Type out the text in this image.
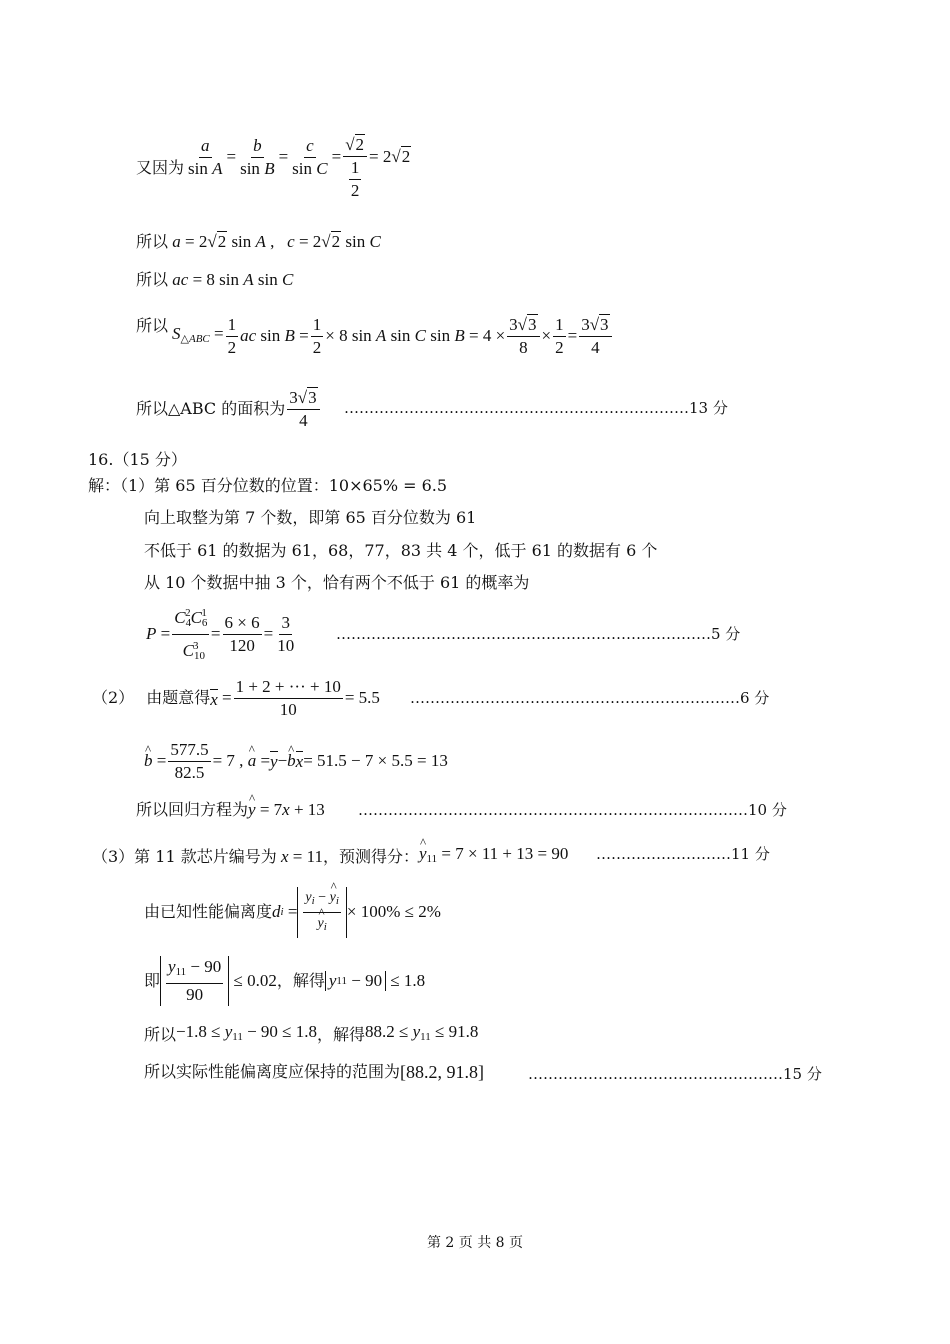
又因为 $\frac{a}{\text{sin A}} = \frac{b}{\text{sin B}} = \frac{c}{\text{sin C}} = \frac{√2}{\frac{1}{2}} = 2√2$
所以 a = 2√2 sin A ,   c = 2√2 sin C
所以 ac = 8 sin A sin C
所以 $S_{\triangle ABC} = \frac{1}{2}$ ac $\sin B = \frac{1}{2} \times 8$ sin A sin C $\sin B = 4 \times \frac{3√3}{8} \times \frac{1}{2} = \frac{3√3}{4}$
所以△ABC 的面积为 $\frac{3√3}{4}$ ……………………………………………………………13 分
16.（15 分）
解：（1）第 65 百分位数的位置：10×65% = 6.5
向上取整为第 7 个数，即第 65 百分位数为 61
不低于 61 的数据为 61，68，77，83 共 4 个，低于 61 的数据有 6 个
从 10 个数据中抽 3 个，恰有两个不低于 61 的概率为
$P = \frac{C_4^2C_6^1}{C_{10}^3} = \frac{6 \times 6}{120} = \frac{3}{10}$	…………………………………………………………………5 分
（2） 由题意得 $x = \frac{1 + 2 + \cdot\cdot\cdot + 10}{10} = 5.5$ …………………………………………………………6 分
^ $b = \frac{577.5}{82.5} = 7$ , ^ a = y − ^ b x = 51.5 − 7 × 5.5 = 13
所以回归方程为 ^ y = 7x + 13 ……………………………………………………………………10 分
（3）第 11 款芯片编号为 x = 11 ，预测得分： ^ $y_{11} = 7 \times 11 + 13 = 90$ ………………………11 分
由已知性能偏离度 d $i = y_i$ − ^ $y_i$
^ $y_i \times 100\% \le 2\%$
即 $\frac{y_{11} - 90}{90} \le 0.02$ ，解得 y 11 − 90 ≤ 1.8
所以 $-1.8 \le y_{11} - 90 \le 1.8$ ，解得 $88.2 \le y_{11} \le 91.8$
所以实际性能偏离度应保持的范围为 [88.2, 91.8]	……………………………………………15 分
第 2 页 共 8 页
